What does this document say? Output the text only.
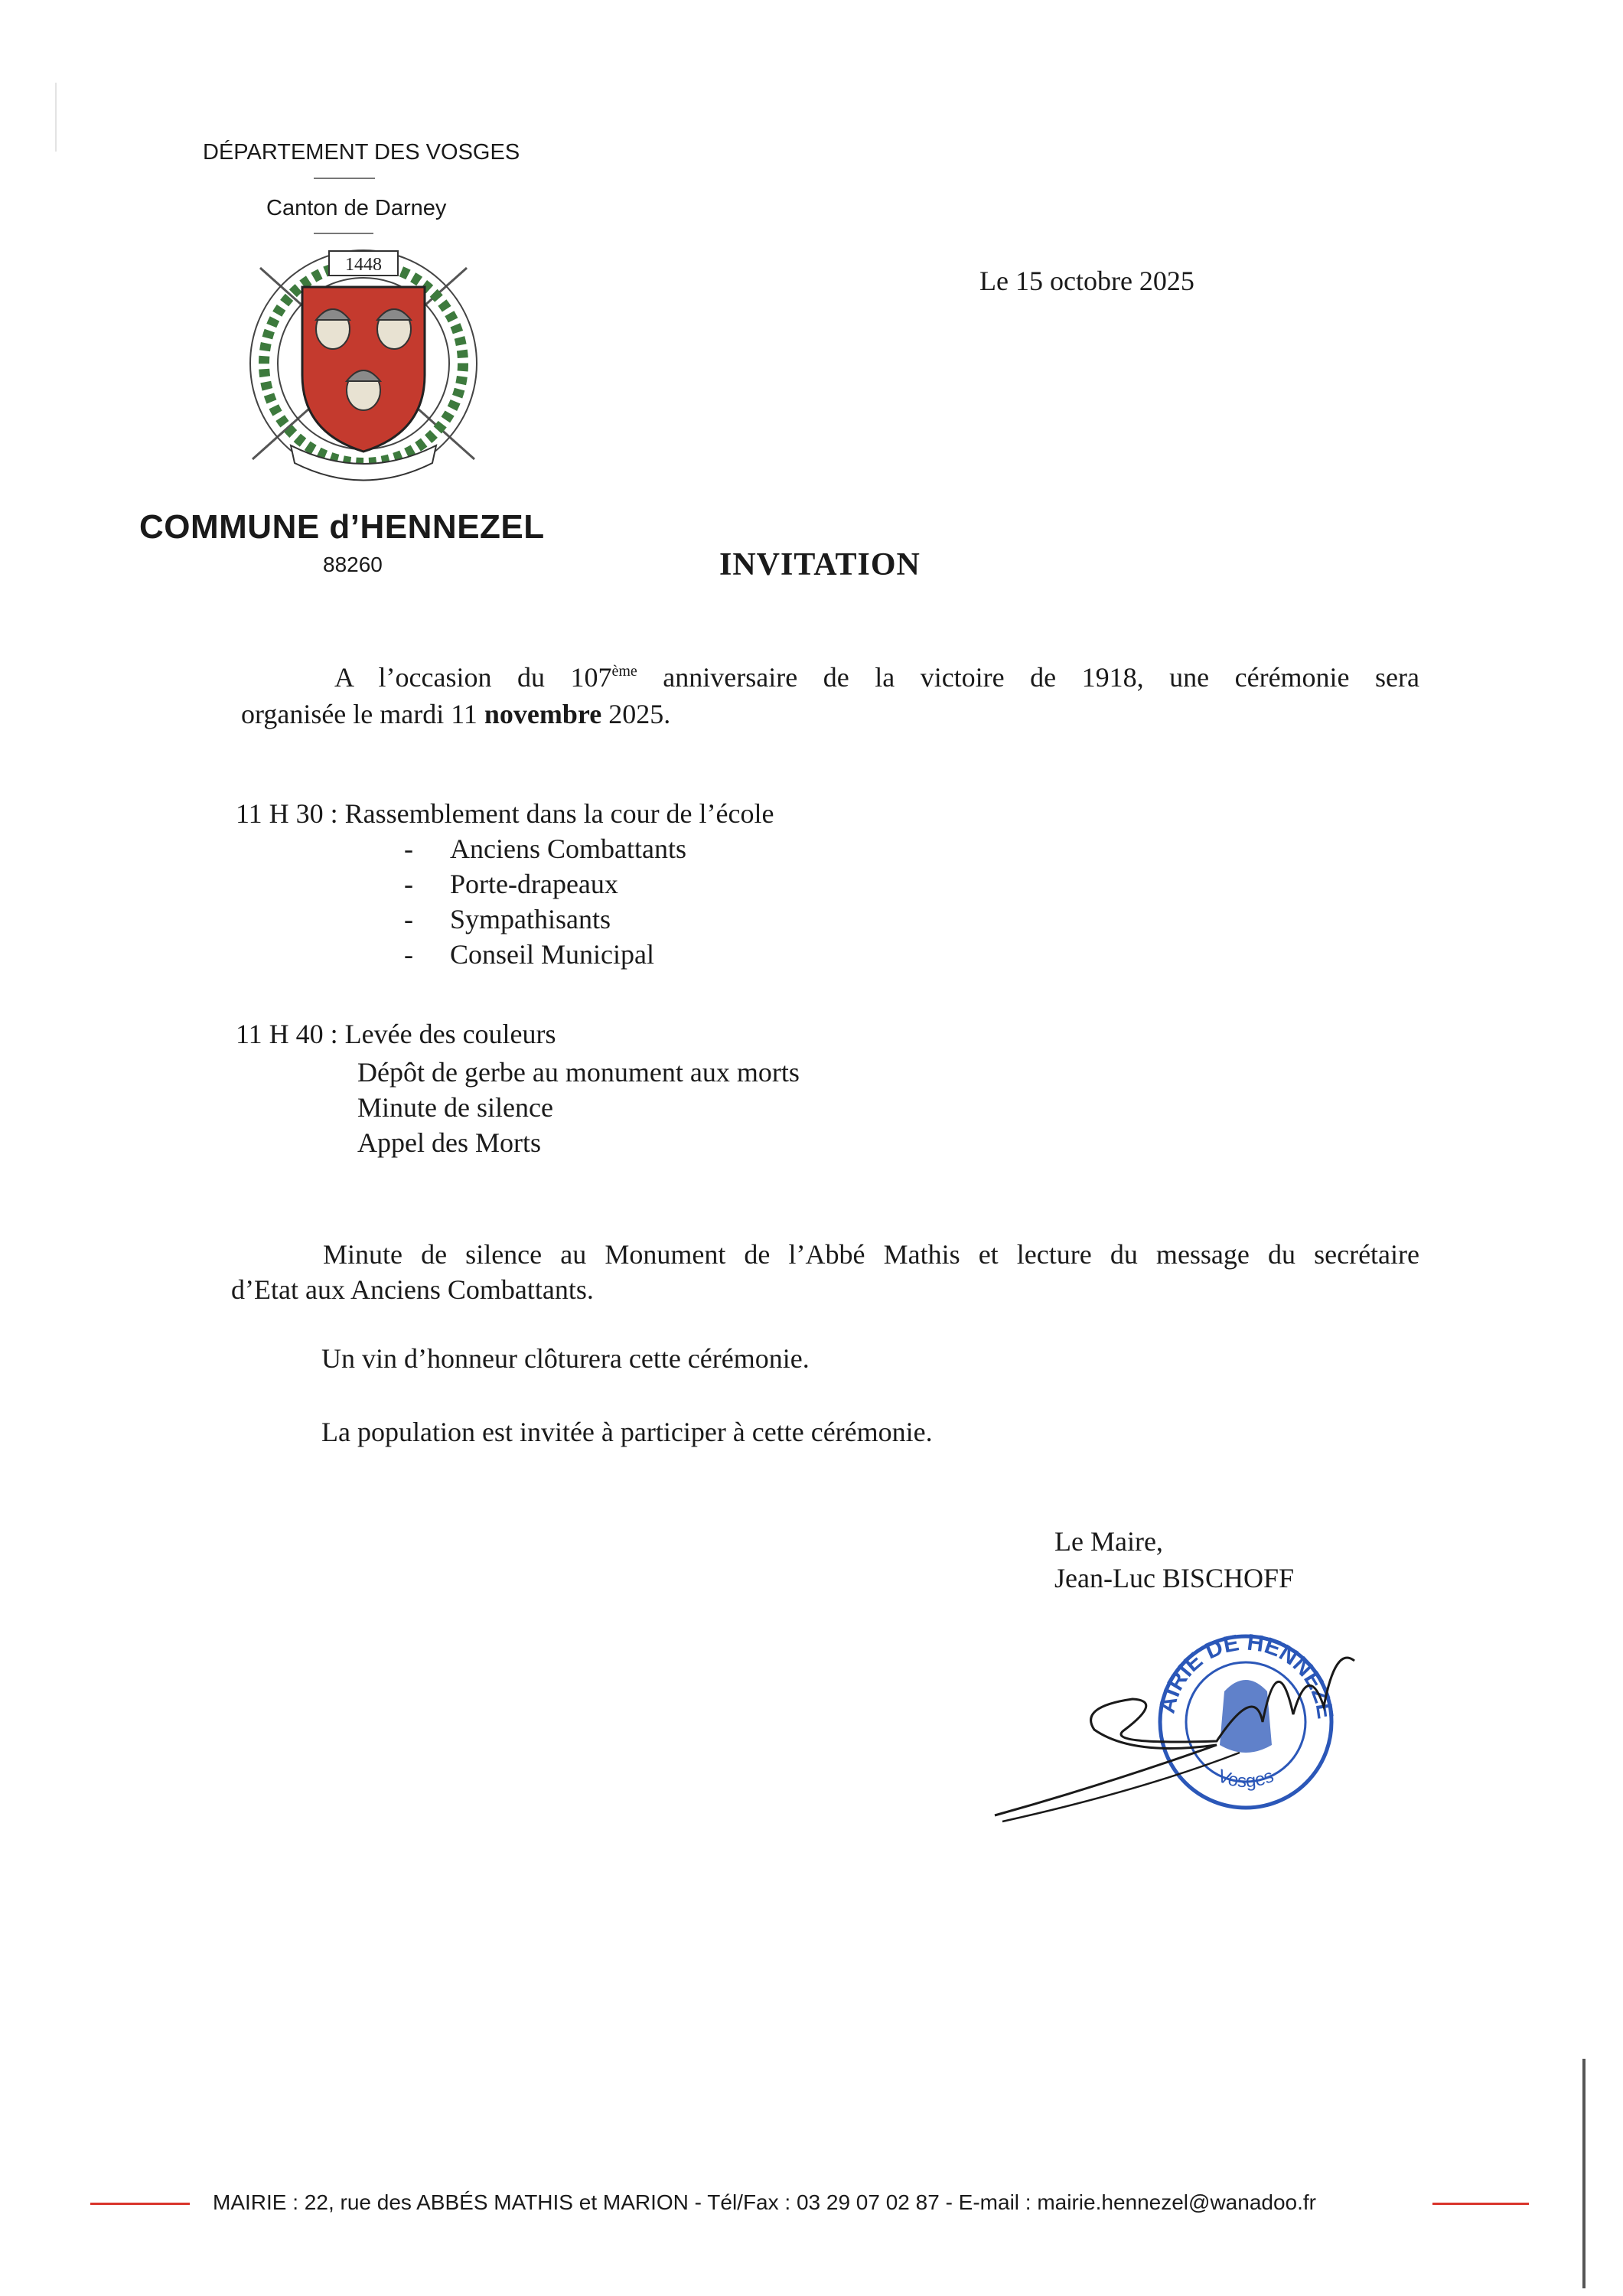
DÉPARTEMENT DES VOSGES
Canton de Darney
1448
COMMUNE d’HENNEZEL
88260
Le 15 octobre 2025
INVITATION
A l’occasion du 107ème anniversaire de la victoire de 1918, une cérémonie sera
organisée le mardi 11 novembre 2025.
11 H 30 : Rassemblement dans la cour de l’école
- Anciens Combattants
- Porte-drapeaux
- Sympathisants
- Conseil Municipal
11 H 40 : Levée des couleurs
Dépôt de gerbe au monument aux morts
Minute de silence
Appel des Morts
Minute de silence au Monument de l’Abbé Mathis et lecture du message du secrétaire
d’Etat aux Anciens Combattants.
Un vin d’honneur clôturera cette cérémonie.
La population est invitée à participer à cette cérémonie.
Le Maire,
Jean-Luc BISCHOFF
AIRIE DE HENNEZE
Vosges
MAIRIE : 22, rue des ABBÉS MATHIS et MARION - Tél/Fax : 03 29 07 02 87 - E-mail : mairie.hennezel@wanadoo.fr
